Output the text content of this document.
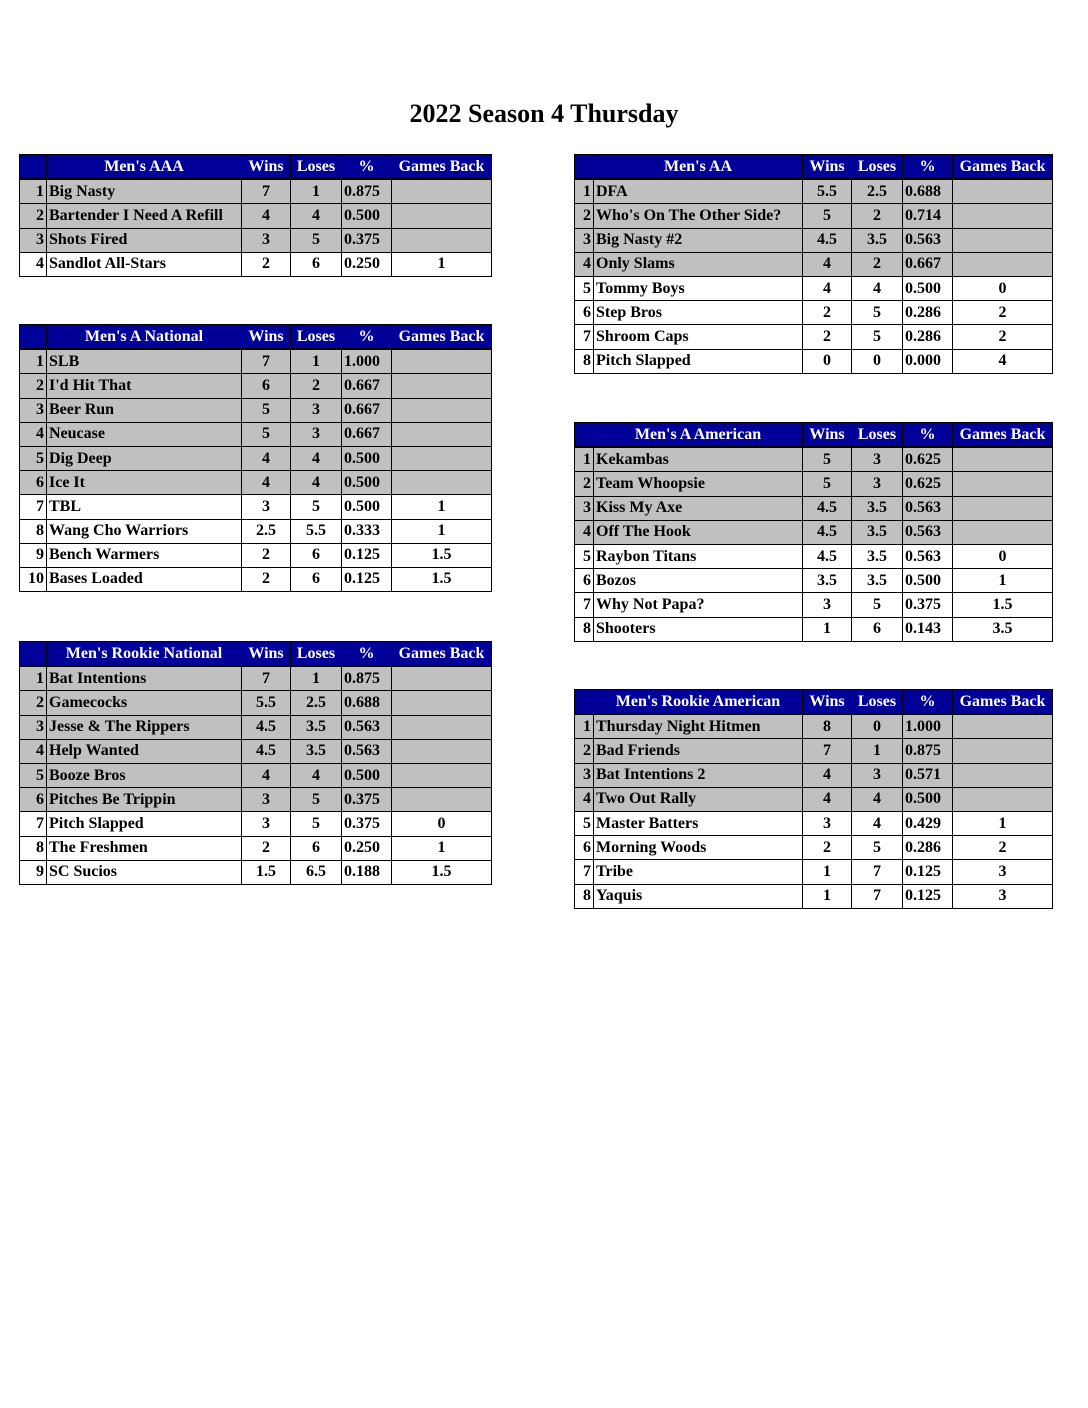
2022 Season 4 Thursday
	Men's AAA	Wins	Loses	%	Games Back
1	Big Nasty	7	1	0.875	
2	Bartender I Need A Refill	4	4	0.500	
3	Shots Fired	3	5	0.375	
4	Sandlot All-Stars	2	6	0.250	1
	Men's A National	Wins	Loses	%	Games Back
1	SLB	7	1	1.000	
2	I'd Hit That	6	2	0.667	
3	Beer Run	5	3	0.667	
4	Neucase	5	3	0.667	
5	Dig Deep	4	4	0.500	
6	Ice It	4	4	0.500	
7	TBL	3	5	0.500	1
8	Wang Cho Warriors	2.5	5.5	0.333	1
9	Bench Warmers	2	6	0.125	1.5
10	Bases Loaded	2	6	0.125	1.5
	Men's Rookie National	Wins	Loses	%	Games Back
1	Bat Intentions	7	1	0.875	
2	Gamecocks	5.5	2.5	0.688	
3	Jesse & The Rippers	4.5	3.5	0.563	
4	Help Wanted	4.5	3.5	0.563	
5	Booze Bros	4	4	0.500	
6	Pitches Be Trippin	3	5	0.375	
7	Pitch Slapped	3	5	0.375	0
8	The Freshmen	2	6	0.250	1
9	SC Sucios	1.5	6.5	0.188	1.5
	Men's AA	Wins	Loses	%	Games Back
1	DFA	5.5	2.5	0.688	
2	Who's On The Other Side?	5	2	0.714	
3	Big Nasty #2	4.5	3.5	0.563	
4	Only Slams	4	2	0.667	
5	Tommy Boys	4	4	0.500	0
6	Step Bros	2	5	0.286	2
7	Shroom Caps	2	5	0.286	2
8	Pitch Slapped	0	0	0.000	4
	Men's A American	Wins	Loses	%	Games Back
1	Kekambas	5	3	0.625	
2	Team Whoopsie	5	3	0.625	
3	Kiss My Axe	4.5	3.5	0.563	
4	Off The Hook	4.5	3.5	0.563	
5	Raybon Titans	4.5	3.5	0.563	0
6	Bozos	3.5	3.5	0.500	1
7	Why Not Papa?	3	5	0.375	1.5
8	Shooters	1	6	0.143	3.5
	Men's Rookie American	Wins	Loses	%	Games Back
1	Thursday Night Hitmen	8	0	1.000	
2	Bad Friends	7	1	0.875	
3	Bat Intentions 2	4	3	0.571	
4	Two Out Rally	4	4	0.500	
5	Master Batters	3	4	0.429	1
6	Morning Woods	2	5	0.286	2
7	Tribe	1	7	0.125	3
8	Yaquis	1	7	0.125	3
